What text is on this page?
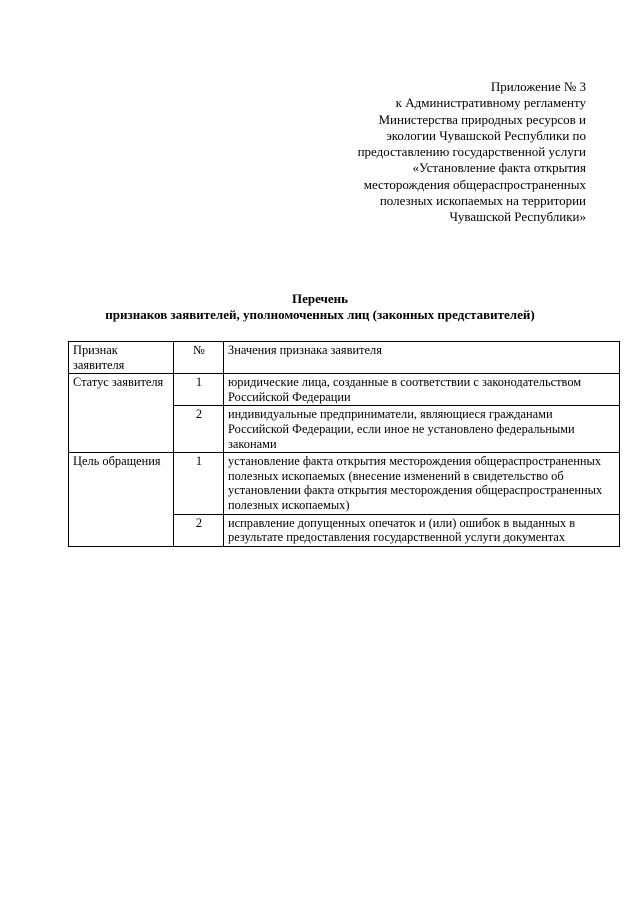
Приложение № 3
к Административному регламенту
Министерства природных ресурсов и
экологии Чувашской Республики по
предоставлению государственной услуги
«Установление факта открытия
месторождения общераспространенных
полезных ископаемых на территории
Чувашской Республики»
Перечень
признаков заявителей, уполномоченных лиц (законных представителей)
Признак заявителя	№	Значения признака заявителя
Статус заявителя	1	юридические лица, созданные в соответствии с законодательством Российской Федерации
	2	индивидуальные предприниматели, являющиеся гражданами Российской Федерации, если иное не установлено федеральными законами
Цель обращения	1	установление факта открытия месторождения общераспространенных полезных ископаемых (внесение изменений в свидетельство об установлении факта открытия месторождения общераспространенных полезных ископаемых)
	2	исправление допущенных опечаток и (или) ошибок в выданных в результате предоставления государственной услуги документах
